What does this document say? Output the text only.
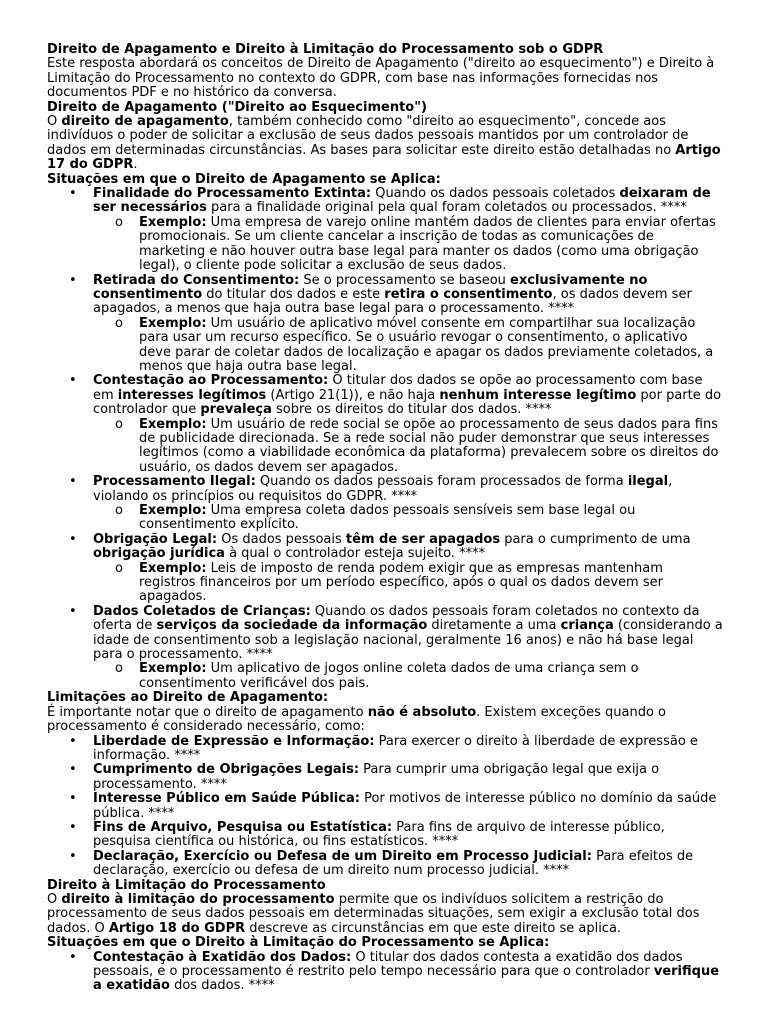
Direito de Apagamento e Direito à Limitação do Processamento sob o GDPR

Este resposta abordará os conceitos de Direito de Apagamento ("direito ao esquecimento") e Direito à Limitação do Processamento no contexto do GDPR, com base nas informações fornecidas nos documentos PDF e no histórico da conversa.

Direito de Apagamento ("Direito ao Esquecimento")

O direito de apagamento, também conhecido como "direito ao esquecimento", concede aos indivíduos o poder de solicitar a exclusão de seus dados pessoais mantidos por um controlador de dados em determinadas circunstâncias. As bases para solicitar este direito estão detalhadas no Artigo 17 do GDPR.

Situações em que o Direito de Apagamento se Aplica:

• Finalidade do Processamento Extinta: Quando os dados pessoais coletados deixaram de ser necessários para a finalidade original pela qual foram coletados ou processados. ****
o Exemplo: Uma empresa de varejo online mantém dados de clientes para enviar ofertas promocionais. Se um cliente cancelar a inscrição de todas as comunicações de marketing e não houver outra base legal para manter os dados (como uma obrigação legal), o cliente pode solicitar a exclusão de seus dados.
• Retirada do Consentimento: Se o processamento se baseou exclusivamente no consentimento do titular dos dados e este retira o consentimento, os dados devem ser apagados, a menos que haja outra base legal para o processamento. ****
o Exemplo: Um usuário de aplicativo móvel consente em compartilhar sua localização para usar um recurso específico. Se o usuário revogar o consentimento, o aplicativo deve parar de coletar dados de localização e apagar os dados previamente coletados, a menos que haja outra base legal.
• Contestação ao Processamento: O titular dos dados se opõe ao processamento com base em interesses legítimos (Artigo 21(1)), e não haja nenhum interesse legítimo por parte do controlador que prevaleça sobre os direitos do titular dos dados. ****
o Exemplo: Um usuário de rede social se opõe ao processamento de seus dados para fins de publicidade direcionada. Se a rede social não puder demonstrar que seus interesses legítimos (como a viabilidade econômica da plataforma) prevalecem sobre os direitos do usuário, os dados devem ser apagados.
• Processamento Ilegal: Quando os dados pessoais foram processados de forma ilegal, violando os princípios ou requisitos do GDPR. ****
o Exemplo: Uma empresa coleta dados pessoais sensíveis sem base legal ou consentimento explícito.
• Obrigação Legal: Os dados pessoais têm de ser apagados para o cumprimento de uma obrigação jurídica à qual o controlador esteja sujeito. ****
o Exemplo: Leis de imposto de renda podem exigir que as empresas mantenham registros financeiros por um período específico, após o qual os dados devem ser apagados.
• Dados Coletados de Crianças: Quando os dados pessoais foram coletados no contexto da oferta de serviços da sociedade da informação diretamente a uma criança (considerando a idade de consentimento sob a legislação nacional, geralmente 16 anos) e não há base legal para o processamento. ****
o Exemplo: Um aplicativo de jogos online coleta dados de uma criança sem o consentimento verificável dos pais.

Limitações ao Direito de Apagamento:

É importante notar que o direito de apagamento não é absoluto. Existem exceções quando o processamento é considerado necessário, como:

• Liberdade de Expressão e Informação: Para exercer o direito à liberdade de expressão e informação. ****
• Cumprimento de Obrigações Legais: Para cumprir uma obrigação legal que exija o processamento. ****
• Interesse Público em Saúde Pública: Por motivos de interesse público no domínio da saúde pública. ****
• Fins de Arquivo, Pesquisa ou Estatística: Para fins de arquivo de interesse público, pesquisa científica ou histórica, ou fins estatísticos. ****
• Declaração, Exercício ou Defesa de um Direito em Processo Judicial: Para efeitos de declaração, exercício ou defesa de um direito num processo judicial. ****

Direito à Limitação do Processamento

O direito à limitação do processamento permite que os indivíduos solicitem a restrição do processamento de seus dados pessoais em determinadas situações, sem exigir a exclusão total dos dados. O Artigo 18 do GDPR descreve as circunstâncias em que este direito se aplica.

Situações em que o Direito à Limitação do Processamento se Aplica:

• Contestação à Exatidão dos Dados: O titular dos dados contesta a exatidão dos dados pessoais, e o processamento é restrito pelo tempo necessário para que o controlador verifique a exatidão dos dados. ****
